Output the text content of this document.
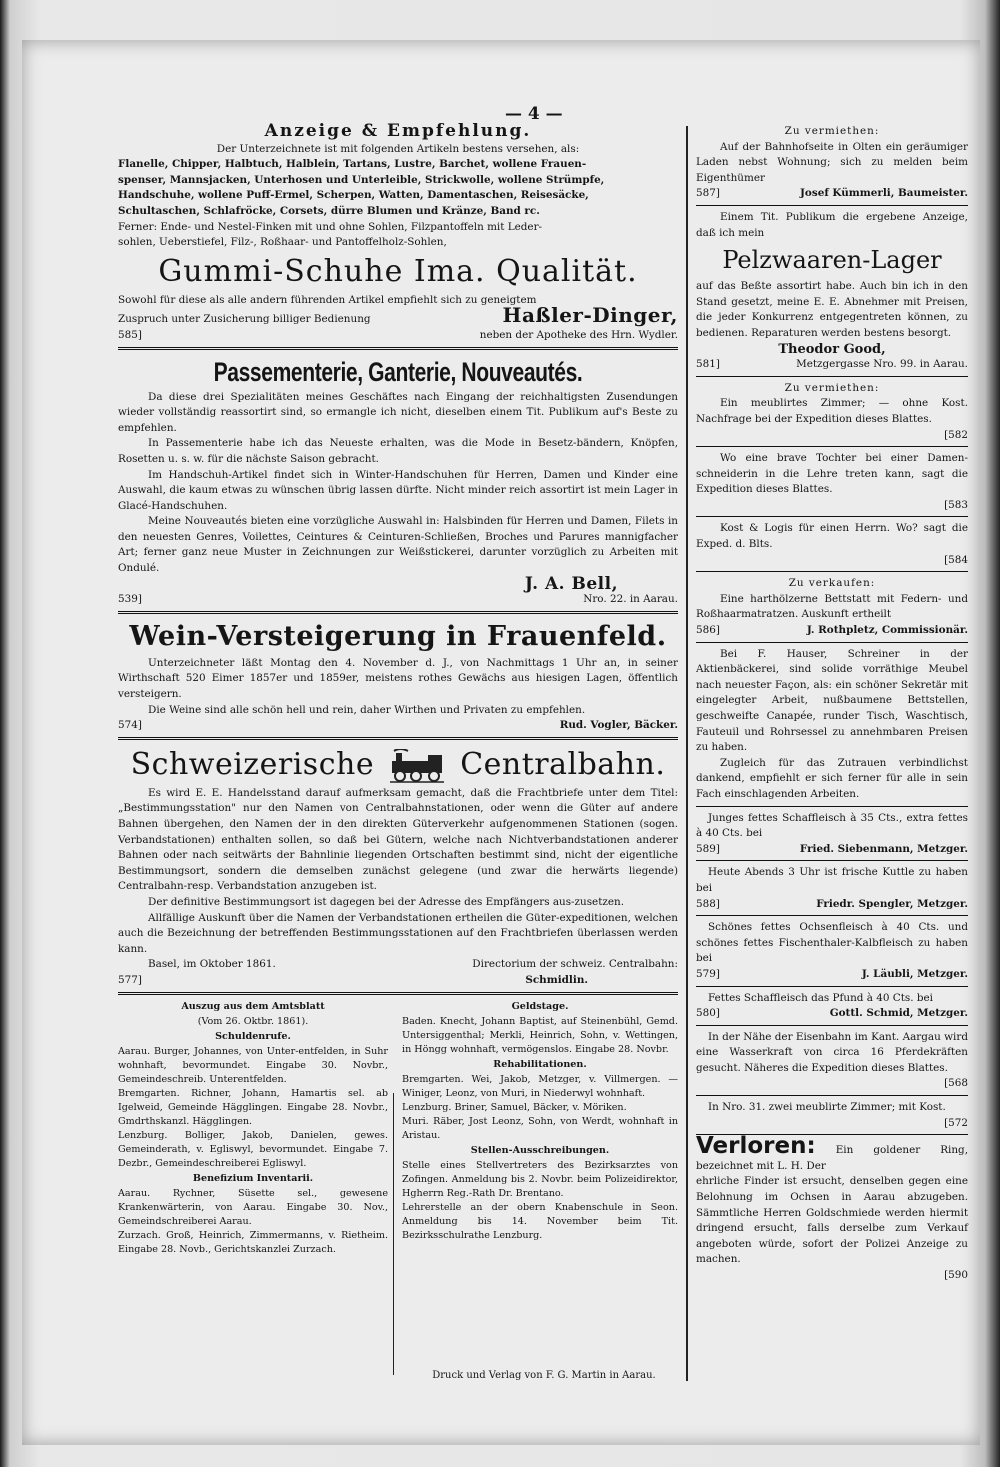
— 4 —
Anzeige & Empfehlung.

Der Unterzeichnete ist mit folgenden Artikeln bestens versehen, als:

Flanelle, Chipper, Halbtuch, Halblein, Tartans, Lustre, Barchet, wollene Frauen-

spenser, Mannsjacken, Unterhosen und Unterleible, Strickwolle, wollene Strümpfe,

Handschuhe, wollene Puff-Ermel, Scherpen, Watten, Damentaschen, Reisesäcke,

Schultaschen, Schlafröcke, Corsets, dürre Blumen und Kränze, Band rc.

Ferner: Ende- und Nestel-Finken mit und ohne Sohlen, Filzpantoffeln mit Leder-

sohlen, Ueberstiefel, Filz-, Roßhaar- und Pantoffelholz-Sohlen,

Gummi-Schuhe Ima. Qualität.

Sowohl für diese als alle andern führenden Artikel empfiehlt sich zu geneigtem

Zuspruch unter Zusicherung billiger Bedienung	Haßler-Dinger,
585]	neben der Apotheke des Hrn. Wydler.
Passementerie, Ganterie, Nouveautés.

Da diese drei Spezialitäten meines Geschäftes nach Eingang der reichhaltigsten Zusendungen wieder vollständig reassortirt sind, so ermangle ich nicht, dieselben einem Tit. Publikum auf's Beste zu empfehlen.

In Passementerie habe ich das Neueste erhalten, was die Mode in Besetz-bändern, Knöpfen, Rosetten u. s. w. für die nächste Saison gebracht.

Im Handschuh-Artikel findet sich in Winter-Handschuhen für Herren, Damen und Kinder eine Auswahl, die kaum etwas zu wünschen übrig lassen dürfte. Nicht minder reich assortirt ist mein Lager in Glacé-Handschuhen.

Meine Nouveautés bieten eine vorzügliche Auswahl in: Halsbinden für Herren und Damen, Filets in den neuesten Genres, Voilettes, Ceintures & Ceinturen-Schließen, Broches und Parures mannigfacher Art; ferner ganz neue Muster in Zeichnungen zur Weißstickerei, darunter vorzüglich zu Arbeiten mit Ondulé.

J. A. Bell,
539]	Nro. 22. in Aarau.
Wein-Versteigerung in Frauenfeld.

Unterzeichneter läßt Montag den 4. November d. J., von Nachmittags 1 Uhr an, in seiner Wirthschaft 520 Eimer 1857er und 1859er, meistens rothes Gewächs aus hiesigen Lagen, öffentlich versteigern.

Die Weine sind alle schön hell und rein, daher Wirthen und Privaten zu empfehlen.

574]	Rud. Vogler, Bäcker.
Schweizerische	Centralbahn.

Es wird E. E. Handelsstand darauf aufmerksam gemacht, daß die Frachtbriefe unter dem Titel: „Bestimmungsstation" nur den Namen von Centralbahnstationen, oder wenn die Güter auf andere Bahnen übergehen, den Namen der in den direkten Güterverkehr aufgenommenen Stationen (sogen. Verbandstationen) enthalten sollen, so daß bei Gütern, welche nach Nichtverbandstationen anderer Bahnen oder nach seitwärts der Bahnlinie liegenden Ortschaften bestimmt sind, nicht der eigentliche Bestimmungsort, sondern die demselben zunächst gelegene (und zwar die herwärts liegende) Centralbahn-resp. Verbandstation anzugeben ist.

Der definitive Bestimmungsort ist dagegen bei der Adresse des Empfängers aus-zusetzen.

Allfällige Auskunft über die Namen der Verbandstationen ertheilen die Güter-expeditionen, welchen auch die Bezeichnung der betreffenden Bestimmungsstationen auf den Frachtbriefen überlassen werden kann.

Basel, im Oktober 1861.	Directorium der schweiz. Centralbahn:
577]	Schmidlin.
Auszug aus dem Amtsblatt
(Vom 26. Oktbr. 1861).
Schuldenrufe.

Aarau. Burger, Johannes, von Unter-entfelden, in Suhr wohnhaft, bevormundet. Eingabe 30. Novbr., Gemeindeschreib. Unterentfelden.

Bremgarten. Richner, Johann, Hamartis sel. ab Igelweid, Gemeinde Hägglingen. Eingabe 28. Novbr., Gmdrthskanzl. Hägglingen.

Lenzburg. Bolliger, Jakob, Danielen, gewes. Gemeinderath, v. Egliswyl, bevormundet. Eingabe 7. Dezbr., Gemeindeschreiberei Egliswyl.

Benefizium Inventarii.

Aarau. Rychner, Süsette sel., gewesene Krankenwärterin, von Aarau. Eingabe 30. Nov., Gemeindschreiberei Aarau.

Zurzach. Groß, Heinrich, Zimmermanns, v. Rietheim. Eingabe 28. Novb., Gerichtskanzlei Zurzach.

Geldstage.

Baden. Knecht, Johann Baptist, auf Steinenbühl, Gemd. Untersiggenthal; Merkli, Heinrich, Sohn, v. Wettingen, in Höngg wohnhaft, vermögenslos. Eingabe 28. Novbr.

Rehabilitationen.

Bremgarten. Wei, Jakob, Metzger, v. Villmergen. — Winiger, Leonz, von Muri, in Niederwyl wohnhaft.

Lenzburg. Briner, Samuel, Bäcker, v. Möriken.

Muri. Räber, Jost Leonz, Sohn, von Werdt, wohnhaft in Aristau.

Stellen-Ausschreibungen.

Stelle eines Stellvertreters des Bezirksarztes von Zofingen. Anmeldung bis 2. Novbr. beim Polizeidirektor, Hgherrn Reg.-Rath Dr. Brentano.

Lehrerstelle an der obern Knabenschule in Seon. Anmeldung bis 14. November beim Tit. Bezirksschulrathe Lenzburg.

Zu vermiethen:

Auf der Bahnhofseite in Olten ein geräumiger Laden nebst Wohnung; sich zu melden beim Eigenthümer

587]	Josef Kümmerli, Baumeister.

Einem Tit. Publikum die ergebene Anzeige, daß ich mein

Pelzwaaren-Lager

auf das Beßte assortirt habe. Auch bin ich in den Stand gesetzt, meine E. E. Abnehmer mit Preisen, die jeder Konkurrenz entgegentreten können, zu bedienen. Reparaturen werden bestens besorgt.

Theodor Good,
581]	Metzgergasse Nro. 99. in Aarau.
Zu vermiethen:

Ein meublirtes Zimmer; — ohne Kost. Nachfrage bei der Expedition dieses Blattes.

[582

Wo eine brave Tochter bei einer Damen-schneiderin in die Lehre treten kann, sagt die Expedition dieses Blattes.

[583

Kost & Logis für einen Herrn. Wo? sagt die Exped. d. Blts.

[584
Zu verkaufen:

Eine harthölzerne Bettstatt mit Federn- und Roßhaarmatratzen. Auskunft ertheilt

586]	J. Rothpletz, Commissionär.

Bei F. Hauser, Schreiner in der Aktienbäckerei, sind solide vorräthige Meubel nach neuester Façon, als: ein schöner Sekretär mit eingelegter Arbeit, nußbaumene Bettstellen, geschweifte Canapée, runder Tisch, Waschtisch, Fauteuil und Rohrsessel zu annehmbaren Preisen zu haben.

Zugleich für das Zutrauen verbindlichst dankend, empfiehlt er sich ferner für alle in sein Fach einschlagenden Arbeiten.

Junges fettes Schaffleisch à 35 Cts., extra fettes à 40 Cts. bei

589]	Fried. Siebenmann, Metzger.

Heute Abends 3 Uhr ist frische Kuttle zu haben bei

588]	Friedr. Spengler, Metzger.

Schönes fettes Ochsenfleisch à 40 Cts. und schönes fettes Fischenthaler-Kalbfleisch zu haben bei

579]	J. Läubli, Metzger.

Fettes Schaffleisch das Pfund à 40 Cts. bei

580]	Gottl. Schmid, Metzger.

In der Nähe der Eisenbahn im Kant. Aargau wird eine Wasserkraft von circa 16 Pferdekräften gesucht. Näheres die Expedition dieses Blattes.

[568

In Nro. 31. zwei meublirte Zimmer; mit Kost.

[572

Verloren: Ein goldener Ring, bezeichnet mit L. H. Der

ehrliche Finder ist ersucht, denselben gegen eine Belohnung im Ochsen in Aarau abzugeben. Sämmtliche Herren Goldschmiede werden hiermit dringend ersucht, falls derselbe zum Verkauf angeboten würde, sofort der Polizei Anzeige zu machen.

[590
Druck und Verlag von F. G. Martin in Aarau.
